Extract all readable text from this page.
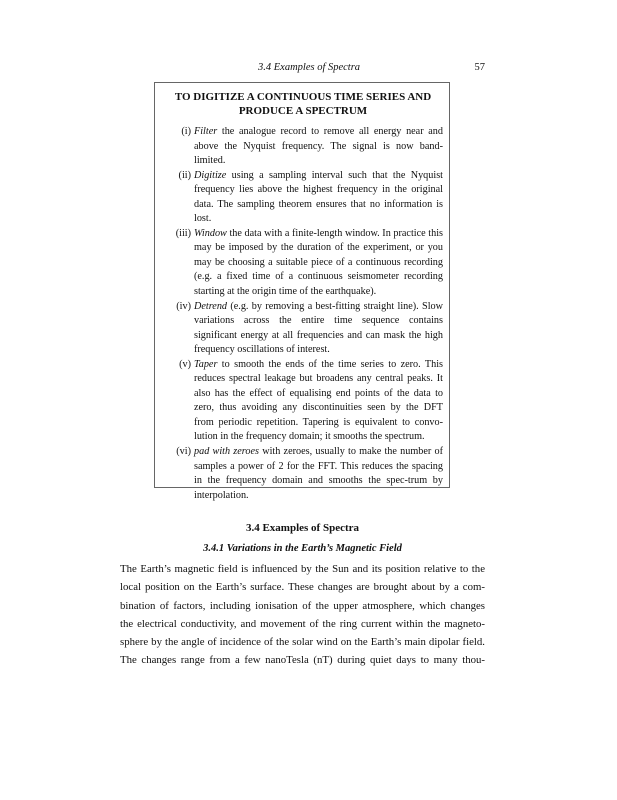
3.4 Examples of Spectra	57
TO DIGITIZE A CONTINUOUS TIME SERIES AND
PRODUCE A SPECTRUM
(i) Filter the analogue record to remove all energy near and above the Nyquist frequency. The signal is now band-limited.
(ii) Digitize using a sampling interval such that the Nyquist frequency lies above the highest frequency in the original data. The sampling theorem ensures that no information is lost.
(iii) Window the data with a finite-length window. In practice this may be imposed by the duration of the experiment, or you may be choosing a suitable piece of a continuous recording (e.g. a fixed time of a continuous seismometer recording starting at the origin time of the earthquake).
(iv) Detrend (e.g. by removing a best-fitting straight line). Slow variations across the entire time sequence contains significant energy at all frequencies and can mask the high frequency oscillations of interest.
(v) Taper to smooth the ends of the time series to zero. This reduces spectral leakage but broadens any central peaks. It also has the effect of equalising end points of the data to zero, thus avoiding any discontinuities seen by the DFT from periodic repetition. Tapering is equivalent to convo-lution in the frequency domain; it smooths the spectrum.
(vi) pad with zeroes with zeroes, usually to make the number of samples a power of 2 for the FFT. This reduces the spacing in the frequency domain and smooths the spec-trum by interpolation.
3.4 Examples of Spectra
3.4.1 Variations in the Earth’s Magnetic Field

The Earth’s magnetic field is influenced by the Sun and its position relative to the
local position on the Earth’s surface. These changes are brought about by a com-
bination of factors, including ionisation of the upper atmosphere, which changes
the electrical conductivity, and movement of the ring current within the magneto-
sphere by the angle of incidence of the solar wind on the Earth’s main dipolar field.
The changes range from a few nanoTesla (nT) during quiet days to many thou-
